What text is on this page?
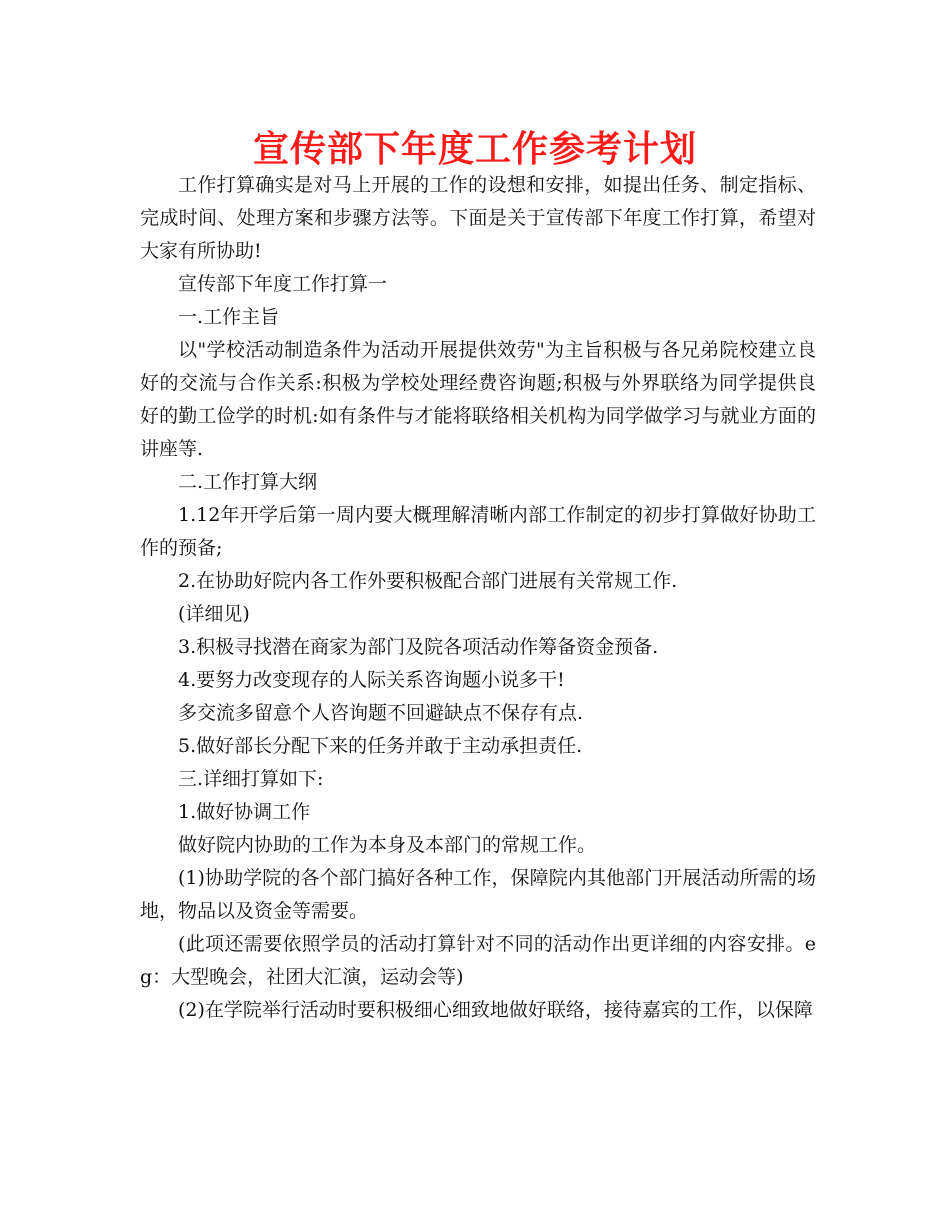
宣传部下年度工作参考计划

工作打算确实是对马上开展的工作的设想和安排，如提出任务、制定指标、完成时间、处理方案和步骤方法等。下面是关于宣传部下年度工作打算，希望对大家有所协助!

宣传部下年度工作打算一

一.工作主旨

以"学校活动制造条件为活动开展提供效劳"为主旨积极与各兄弟院校建立良好的交流与合作关系:积极为学校处理经费咨询题;积极与外界联络为同学提供良好的勤工俭学的时机:如有条件与才能将联络相关机构为同学做学习与就业方面的讲座等.

二.工作打算大纲

1.12年开学后第一周内要大概理解清晰内部工作制定的初步打算做好协助工作的预备;

2.在协助好院内各工作外要积极配合部门进展有关常规工作.

(详细见)

3.积极寻找潜在商家为部门及院各项活动作筹备资金预备.

4.要努力改变现存的人际关系咨询题小说多干!

多交流多留意个人咨询题不回避缺点不保存有点.

5.做好部长分配下来的任务并敢于主动承担责任.

三.详细打算如下:

1.做好协调工作

做好院内协助的工作为本身及本部门的常规工作。

(1)协助学院的各个部门搞好各种工作，保障院内其他部门开展活动所需的场地，物品以及资金等需要。

(此项还需要依照学员的活动打算针对不同的活动作出更详细的内容安排。eg：大型晚会，社团大汇演，运动会等)

(2)在学院举行活动时要积极细心细致地做好联络，接待嘉宾的工作，以保障
